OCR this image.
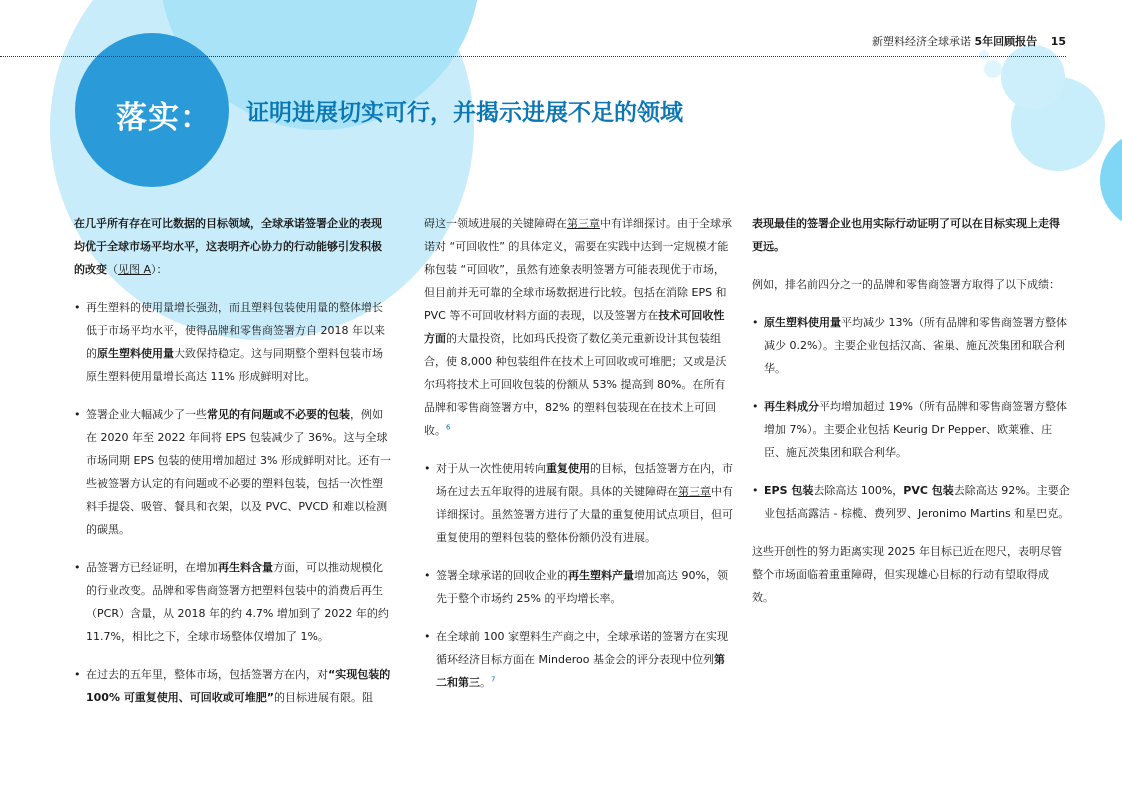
新塑料经济全球承诺 5年回顾报告 15
落实： 证明进展切实可行，并揭示进展不足的领域

在几乎所有存在可比数据的目标领域，全球承诺签署企业的表现均优于全球市场平均水平，这表明齐心协力的行动能够引发积极的改变（见图 A）：

• 再生塑料的使用量增长强劲，而且塑料包装使用量的整体增长低于市场平均水平，使得品牌和零售商签署方自 2018 年以来的原生塑料使用量大致保持稳定。这与同期整个塑料包装市场原生塑料使用量增长高达 11% 形成鲜明对比。
• 签署企业大幅减少了一些常见的有问题或不必要的包装，例如在 2020 年至 2022 年间将 EPS 包装减少了 36%。这与全球市场同期 EPS 包装的使用增加超过 3% 形成鲜明对比。还有一些被签署方认定的有问题或不必要的塑料包装，包括一次性塑料手提袋、吸管、餐具和衣架，以及 PVC、PVCD 和难以检测的碳黑。
• 品签署方已经证明，在增加再生料含量方面，可以推动规模化的行业改变。品牌和零售商签署方把塑料包装中的消费后再生（PCR）含量，从 2018 年的约 4.7% 增加到了 2022 年的约 11.7%，相比之下，全球市场整体仅增加了 1%。
• 在过去的五年里，整体市场，包括签署方在内，对“实现包装的 100% 可重复使用、可回收或可堆肥”的目标进展有限。阻
碍这一领域进展的关键障碍在第三章中有详细探讨。由于全球承诺对 “可回收性” 的具体定义，需要在实践中达到一定规模才能称包装 “可回收”，虽然有迹象表明签署方可能表现优于市场，但目前并无可靠的全球市场数据进行比较。包括在消除 EPS 和 PVC 等不可回收材料方面的表现，以及签署方在技术可回收性方面的大量投资，比如玛氏投资了数亿美元重新设计其包装组合，使 8,000 种包装组件在技术上可回收或可堆肥；又或是沃尔玛将技术上可回收包装的份额从 53% 提高到 80%。在所有品牌和零售商签署方中，82% 的塑料包装现在在技术上可回收。$^6$
• 对于从一次性使用转向重复使用的目标，包括签署方在内，市场在过去五年取得的进展有限。具体的关键障碍在第三章中有详细探讨。虽然签署方进行了大量的重复使用试点项目，但可重复使用的塑料包装的整体份额仍没有进展。
• 签署全球承诺的回收企业的再生塑料产量增加高达 90%，领先于整个市场约 25% 的平均增长率。
• 在全球前 100 家塑料生产商之中，全球承诺的签署方在实现循环经济目标方面在 Minderoo 基金会的评分表现中位列第二和第三。$^7$

表现最佳的签署企业也用实际行动证明了可以在目标实现上走得更远。

例如，排名前四分之一的品牌和零售商签署方取得了以下成绩：

• 原生塑料使用量平均减少 13%（所有品牌和零售商签署方整体减少 0.2%）。主要企业包括汉高、雀巢、施瓦茨集团和联合利华。
• 再生料成分平均增加超过 19%（所有品牌和零售商签署方整体增加 7%）。主要企业包括 Keurig Dr Pepper、欧莱雅、庄臣、施瓦茨集团和联合利华。
• EPS 包装去除高达 100%，PVC 包装去除高达 92%。主要企业包括高露洁 - 棕榄、费列罗、Jeronimo Martins 和星巴克。

这些开创性的努力距离实现 2025 年目标已近在咫尺，表明尽管整个市场面临着重重障碍，但实现雄心目标的行动有望取得成效。
